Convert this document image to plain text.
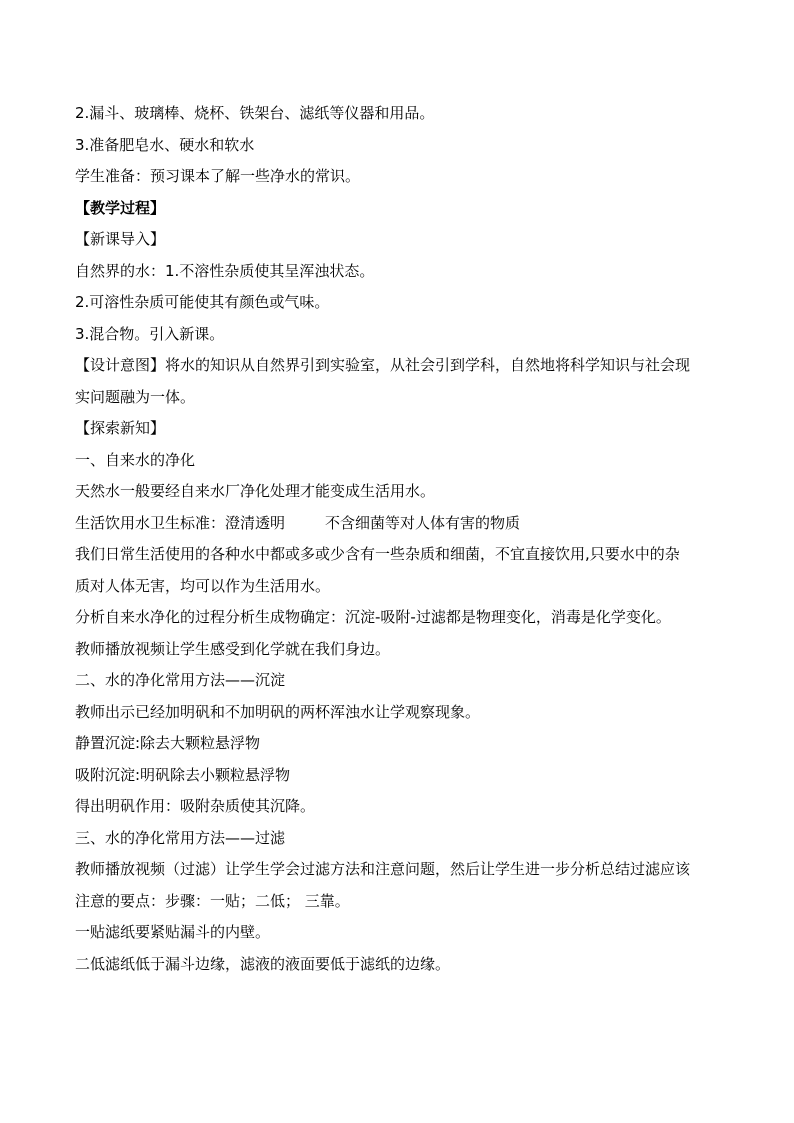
2.漏斗、玻璃棒、烧杯、铁架台、滤纸等仪器和用品。
3.准备肥皂水、硬水和软水
学生准备：预习课本了解一些净水的常识。
【教学过程】
【新课导入】
自然界的水：1.不溶性杂质使其呈浑浊状态。
2.可溶性杂质可能使其有颜色或气味。
3.混合物。引入新课。
【设计意图】将水的知识从自然界引到实验室，从社会引到学科，自然地将科学知识与社会现
实问题融为一体。
【探索新知】
一、自来水的净化
天然水一般要经自来水厂净化处理才能变成生活用水。
生活饮用水卫生标准：澄清透明	不含细菌等对人体有害的物质
我们日常生活使用的各种水中都或多或少含有一些杂质和细菌，不宜直接饮用,只要水中的杂
质对人体无害，均可以作为生活用水。
分析自来水净化的过程分析生成物确定：沉淀-吸附-过滤都是物理变化，消毒是化学变化。
教师播放视频让学生感受到化学就在我们身边。
二、水的净化常用方法——沉淀
教师出示已经加明矾和不加明矾的两杯浑浊水让学观察现象。
静置沉淀:除去大颗粒悬浮物
吸附沉淀:明矾除去小颗粒悬浮物
得出明矾作用：吸附杂质使其沉降。
三、水的净化常用方法——过滤
教师播放视频（过滤）让学生学会过滤方法和注意问题，然后让学生进一步分析总结过滤应该
注意的要点：步骤：一贴；二低； 三靠。
一贴滤纸要紧贴漏斗的内壁。
二低滤纸低于漏斗边缘，滤液的液面要低于滤纸的边缘。
